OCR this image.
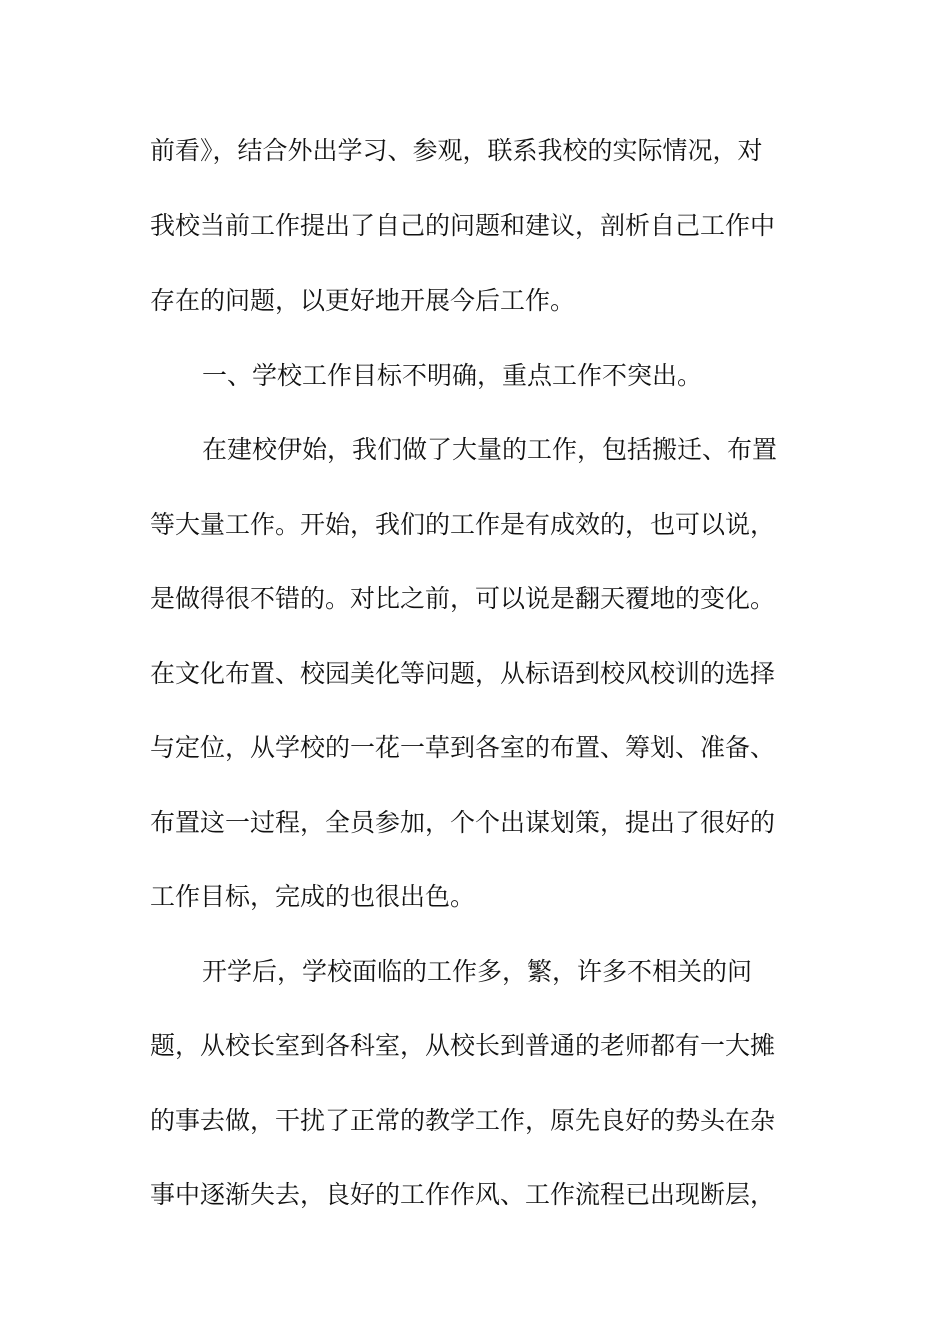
前看》，结合外出学习、参观，联系我校的实际情况，对
我校当前工作提出了自己的问题和建议，剖析自己工作中
存在的问题，以更好地开展今后工作。
一、学校工作目标不明确，重点工作不突出。
在建校伊始，我们做了大量的工作，包括搬迁、布置
等大量工作。开始，我们的工作是有成效的，也可以说，
是做得很不错的。对比之前，可以说是翻天覆地的变化。
在文化布置、校园美化等问题，从标语到校风校训的选择
与定位，从学校的一花一草到各室的布置、筹划、准备、
布置这一过程，全员参加，个个出谋划策，提出了很好的
工作目标，完成的也很出色。
开学后，学校面临的工作多，繁，许多不相关的问
题，从校长室到各科室，从校长到普通的老师都有一大摊
的事去做，干扰了正常的教学工作，原先良好的势头在杂
事中逐渐失去，良好的工作作风、工作流程已出现断层，
